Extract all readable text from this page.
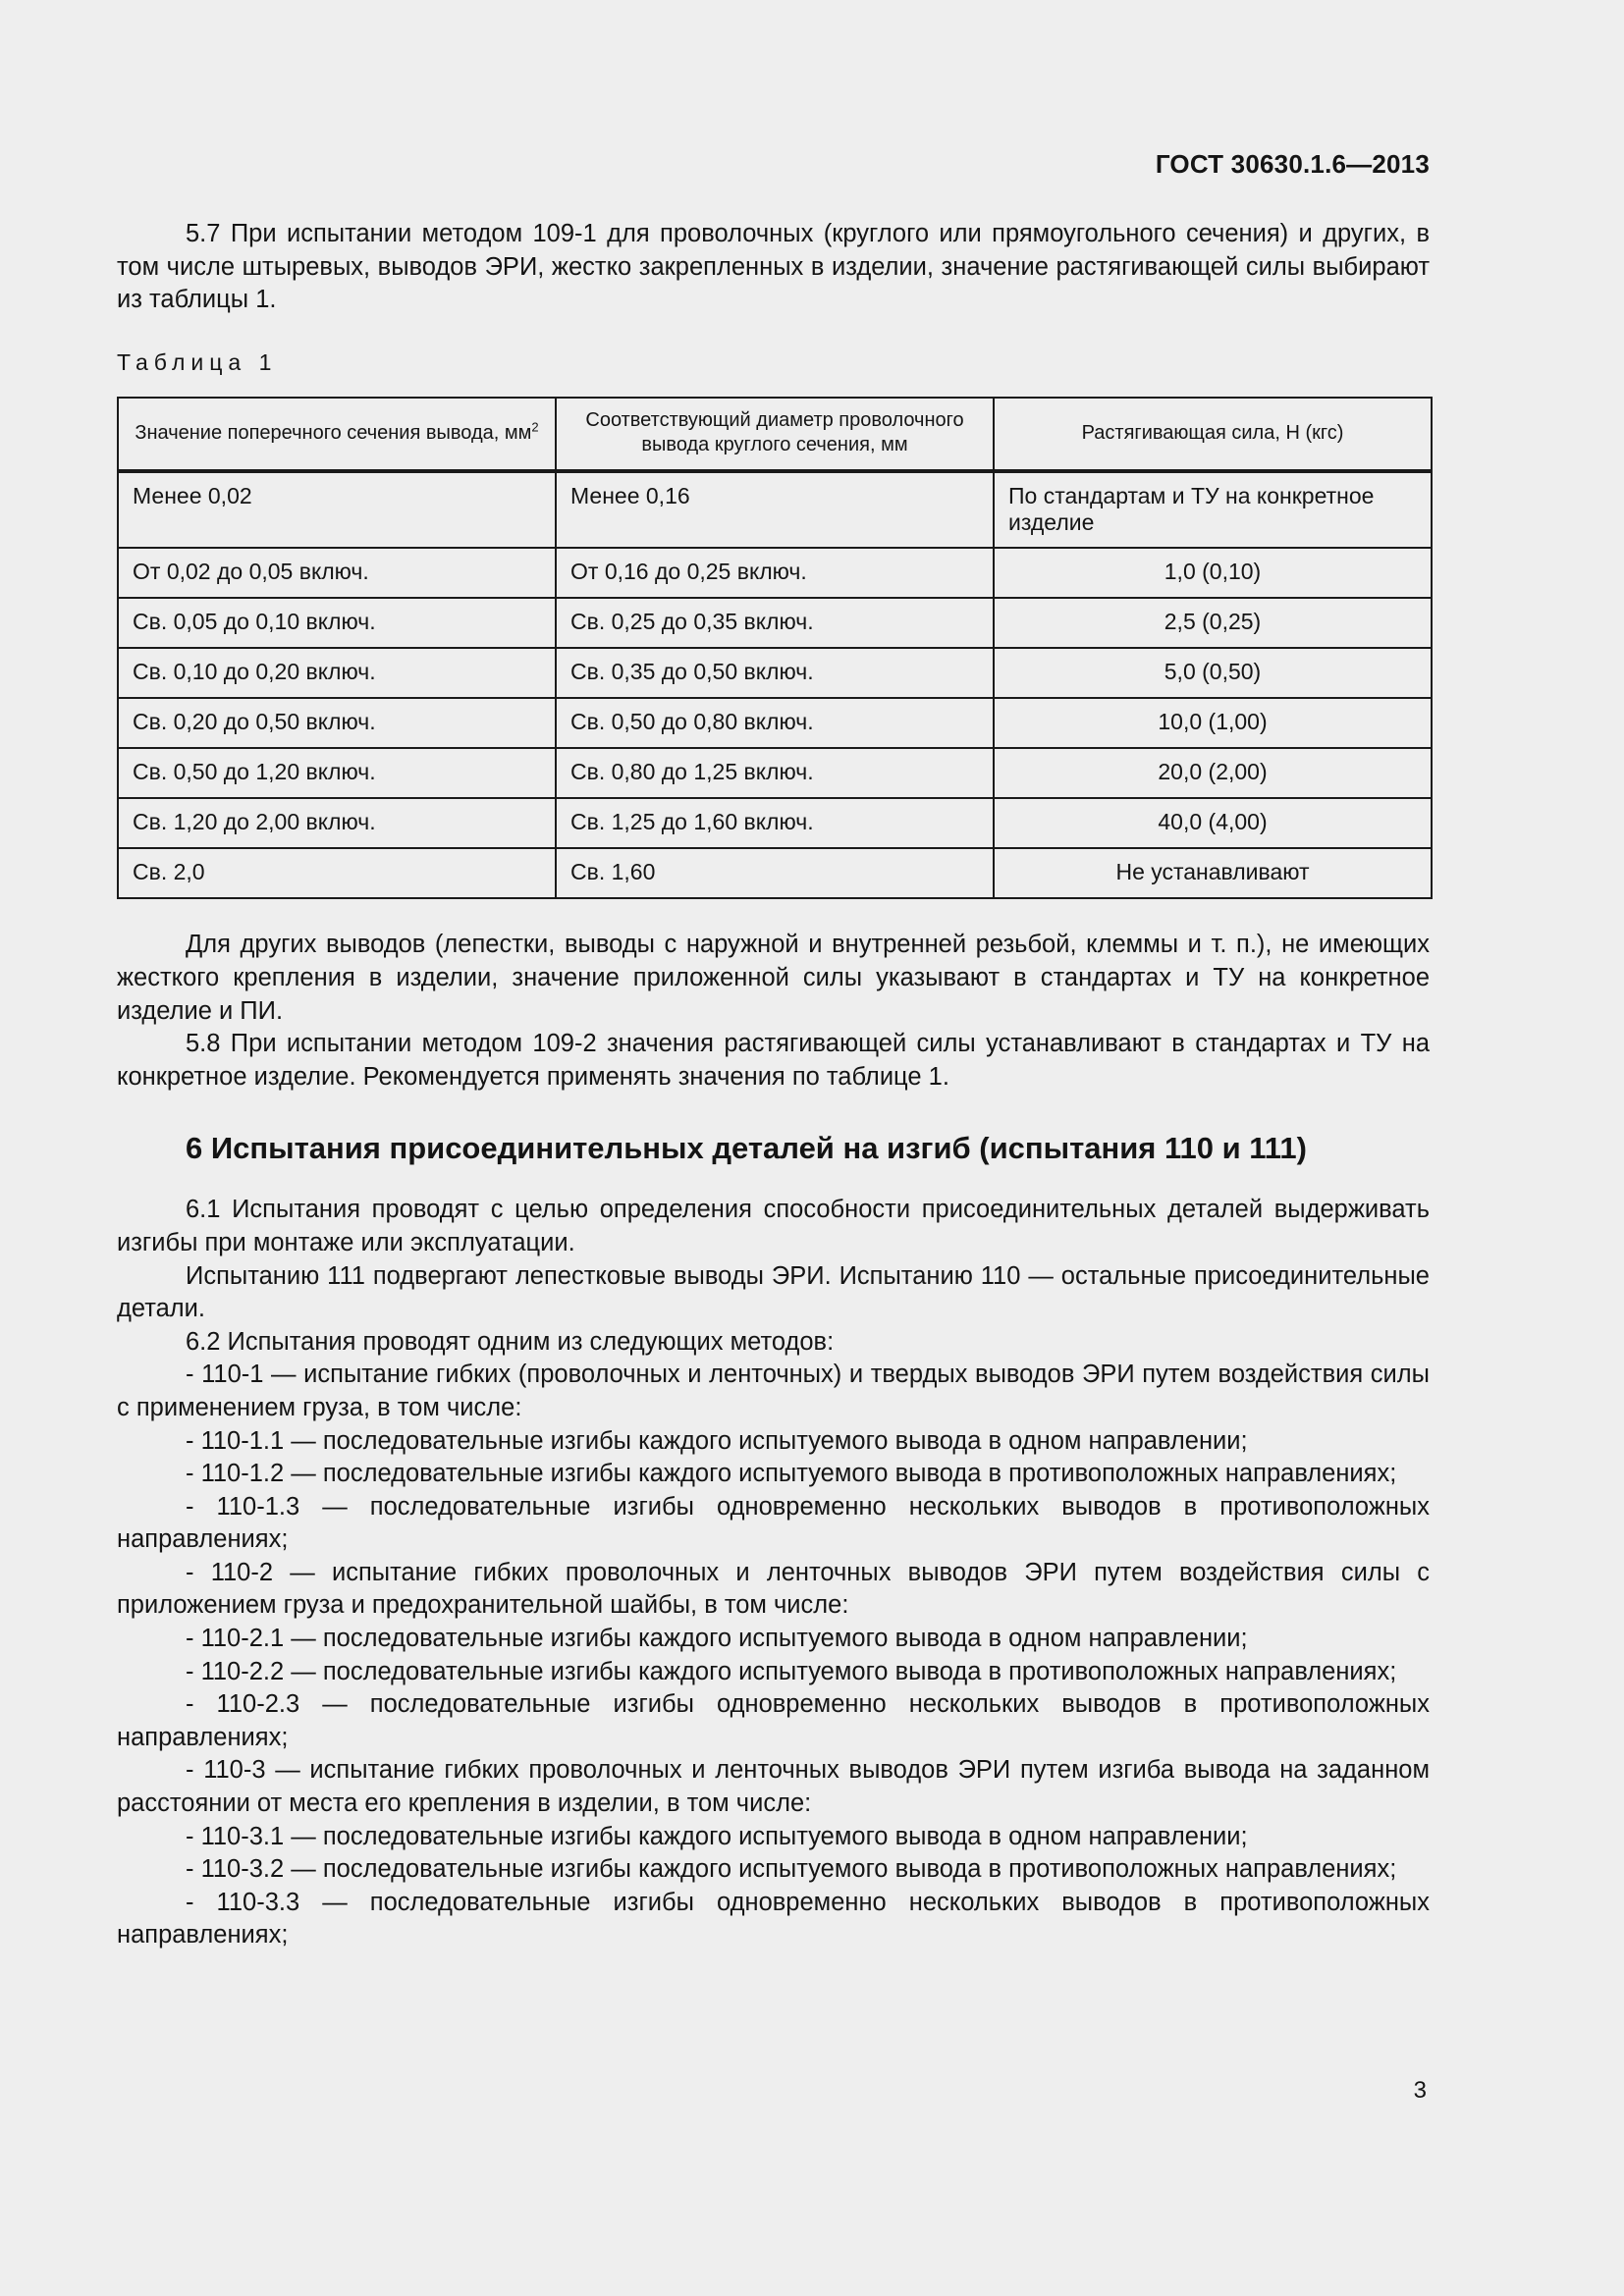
ГОСТ 30630.1.6—2013

5.7 При испытании методом 109-1 для проволочных (круглого или прямоугольного сечения) и других, в том числе штыревых, выводов ЭРИ, жестко закрепленных в изделии, значение растягивающей силы выбирают из таблицы 1.

Таблица 1
Значение поперечного сечения вывода, $мм^2$	Соответствующий диаметр проволочного вывода круглого сечения, мм	Растягивающая сила, Н (кгс)
Менее 0,02	Менее 0,16	По стандартам и ТУ на конкретное изделие
От 0,02 до 0,05 включ.	От 0,16 до 0,25 включ.	1,0 (0,10)
Св. 0,05 до 0,10 включ.	Св. 0,25 до 0,35 включ.	2,5 (0,25)
Св. 0,10 до 0,20 включ.	Св. 0,35 до 0,50 включ.	5,0 (0,50)
Св. 0,20 до 0,50 включ.	Св. 0,50 до 0,80 включ.	10,0 (1,00)
Св. 0,50 до 1,20 включ.	Св. 0,80 до 1,25 включ.	20,0 (2,00)
Св. 1,20 до 2,00 включ.	Св. 1,25 до 1,60 включ.	40,0 (4,00)
Св. 2,0	Св. 1,60	Не устанавливают

Для других выводов (лепестки, выводы с наружной и внутренней резьбой, клеммы и т. п.), не имеющих жесткого крепления в изделии, значение приложенной силы указывают в стандартах и ТУ на конкретное изделие и ПИ.

5.8 При испытании методом 109-2 значения растягивающей силы устанавливают в стандартах и ТУ на конкретное изделие. Рекомендуется применять значения по таблице 1.

6 Испытания присоединительных деталей на изгиб (испытания 110 и 111)

6.1 Испытания проводят с целью определения способности присоединительных деталей выдерживать изгибы при монтаже или эксплуатации.

Испытанию 111 подвергают лепестковые выводы ЭРИ. Испытанию 110 — остальные присоединительные детали.

6.2 Испытания проводят одним из следующих методов:

- 110-1 — испытание гибких (проволочных и ленточных) и твердых выводов ЭРИ путем воздействия силы с применением груза, в том числе:

- 110-1.1 — последовательные изгибы каждого испытуемого вывода в одном направлении;

- 110-1.2 — последовательные изгибы каждого испытуемого вывода в противоположных направлениях;

- 110-1.3 — последовательные изгибы одновременно нескольких выводов в противоположных направлениях;

- 110-2 — испытание гибких проволочных и ленточных выводов ЭРИ путем воздействия силы с приложением груза и предохранительной шайбы, в том числе:

- 110-2.1 — последовательные изгибы каждого испытуемого вывода в одном направлении;

- 110-2.2 — последовательные изгибы каждого испытуемого вывода в противоположных направлениях;

- 110-2.3 — последовательные изгибы одновременно нескольких выводов в противоположных направлениях;

- 110-3 — испытание гибких проволочных и ленточных выводов ЭРИ путем изгиба вывода на заданном расстоянии от места его крепления в изделии, в том числе:

- 110-3.1 — последовательные изгибы каждого испытуемого вывода в одном направлении;

- 110-3.2 — последовательные изгибы каждого испытуемого вывода в противоположных направлениях;

- 110-3.3 — последовательные изгибы одновременно нескольких выводов в противоположных направлениях;

3
